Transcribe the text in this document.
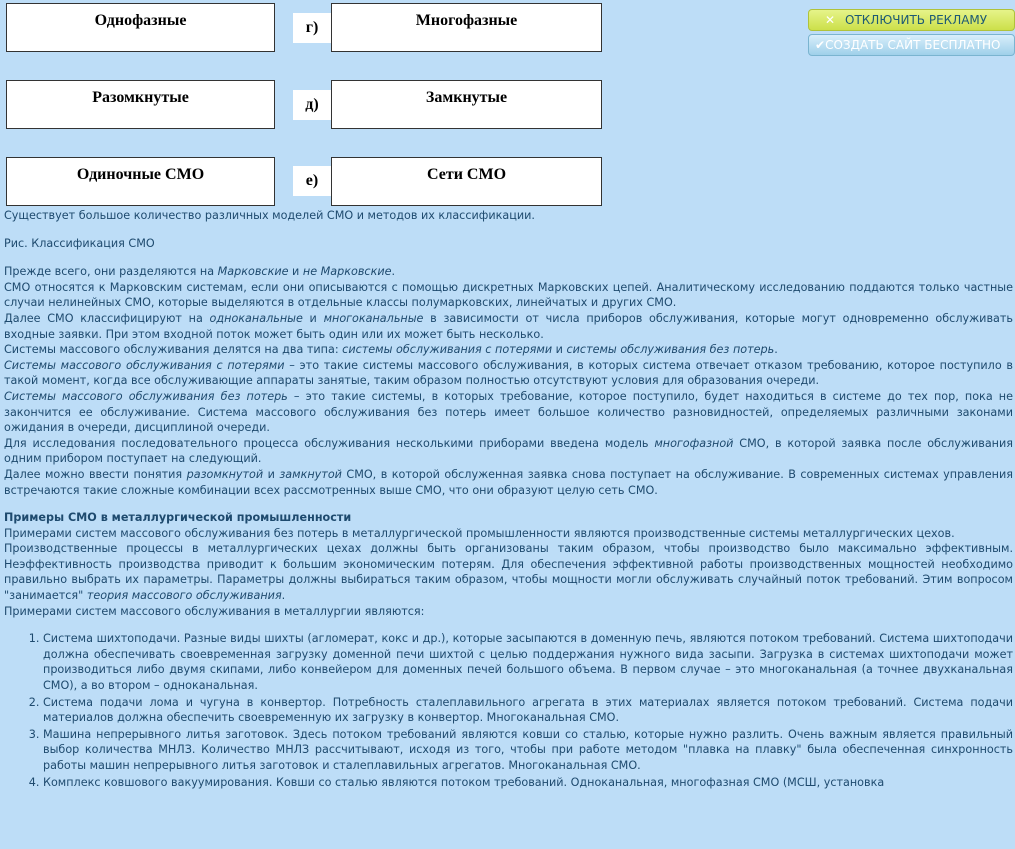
Однофазные	г)	Многофазные
Разомкнутые	д)	Замкнутые
Одиночные СМО	е)	Сети СМО
✕ ОТКЛЮЧИТЬ РЕКЛАМУ
✔СОЗДАТЬ САЙТ БЕСПЛАТНО

Существует большое количество различных моделей СМО и методов их классификации.

Рис. Классификация СМО

Прежде всего, они разделяются на Марковские и не Марковские.

СМО относятся к Марковским системам, если они описываются с помощью дискретных Марковских цепей. Аналитическому исследованию поддаются только частные случаи нелинейных СМО, которые выделяются в отдельные классы полумарковских, линейчатых и других СМО.

Далее СМО классифицируют на одноканальные и многоканальные в зависимости от числа приборов обслуживания, которые могут одновременно обслуживать входные заявки. При этом входной поток может быть один или их может быть несколько.

Системы массового обслуживания делятся на два типа: системы обслуживания с потерями и системы обслуживания без потерь.

Системы массового обслуживания с потерями – это такие системы массового обслуживания, в которых система отвечает отказом требованию, которое поступило в такой момент, когда все обслуживающие аппараты занятые, таким образом полностью отсутствуют условия для образования очереди.

Системы массового обслуживания без потерь – это такие системы, в которых требование, которое поступило, будет находиться в системе до тех пор, пока не закончится ее обслуживание. Система массового обслуживания без потерь имеет большое количество разновидностей, определяемых различными законами ожидания в очереди, дисциплиной очереди.

Для исследования последовательного процесса обслуживания несколькими приборами введена модель многофазной СМО, в которой заявка после обслуживания одним прибором поступает на следующий.

Далее можно ввести понятия разомкнутой и замкнутой СМО, в которой обслуженная заявка снова поступает на обслуживание. В современных системах управления встречаются такие сложные комбинации всех рассмотренных выше СМО, что они образуют целую сеть СМО.

Примеры СМО в металлургической промышленности

Примерами систем массового обслуживания без потерь в металлургической промышленности являются производственные системы металлургических цехов.

Производственные процессы в металлургических цехах должны быть организованы таким образом, чтобы производство было максимально эффективным. Неэффективность производства приводит к большим экономическим потерям. Для обеспечения эффективной работы производственных мощностей необходимо правильно выбрать их параметры. Параметры должны выбираться таким образом, чтобы мощности могли обслуживать случайный поток требований. Этим вопросом "занимается" теория массового обслуживания.

Примерами систем массового обслуживания в металлургии являются:

1. Система шихтоподачи. Разные виды шихты (агломерат, кокс и др.), которые засыпаются в доменную печь, являются потоком требований. Система шихтоподачи должна обеспечивать своевременная загрузку доменной печи шихтой с целью поддержания нужного вида засыпи. Загрузка в системах шихтоподачи может производиться либо двумя скипами, либо конвейером для доменных печей большого объема. В первом случае – это многоканальная (а точнее двухканальная СМО), а во втором – одноканальная.
2. Система подачи лома и чугуна в конвертор. Потребность сталеплавильного агрегата в этих материалах является потоком требований. Система подачи материалов должна обеспечить своевременную их загрузку в конвертор. Многоканальная СМО.
3. Машина непрерывного литья заготовок. Здесь потоком требований являются ковши со сталью, которые нужно разлить. Очень важным является правильный выбор количества МНЛЗ. Количество МНЛЗ рассчитывают, исходя из того, чтобы при работе методом "плавка на плавку" была обеспеченная синхронность работы машин непрерывного литья заготовок и сталеплавильных агрегатов. Многоканальная СМО.
4. Комплекс ковшового вакуумирования. Ковши со сталью являются потоком требований. Одноканальная, многофазная СМО (МСШ, установка
